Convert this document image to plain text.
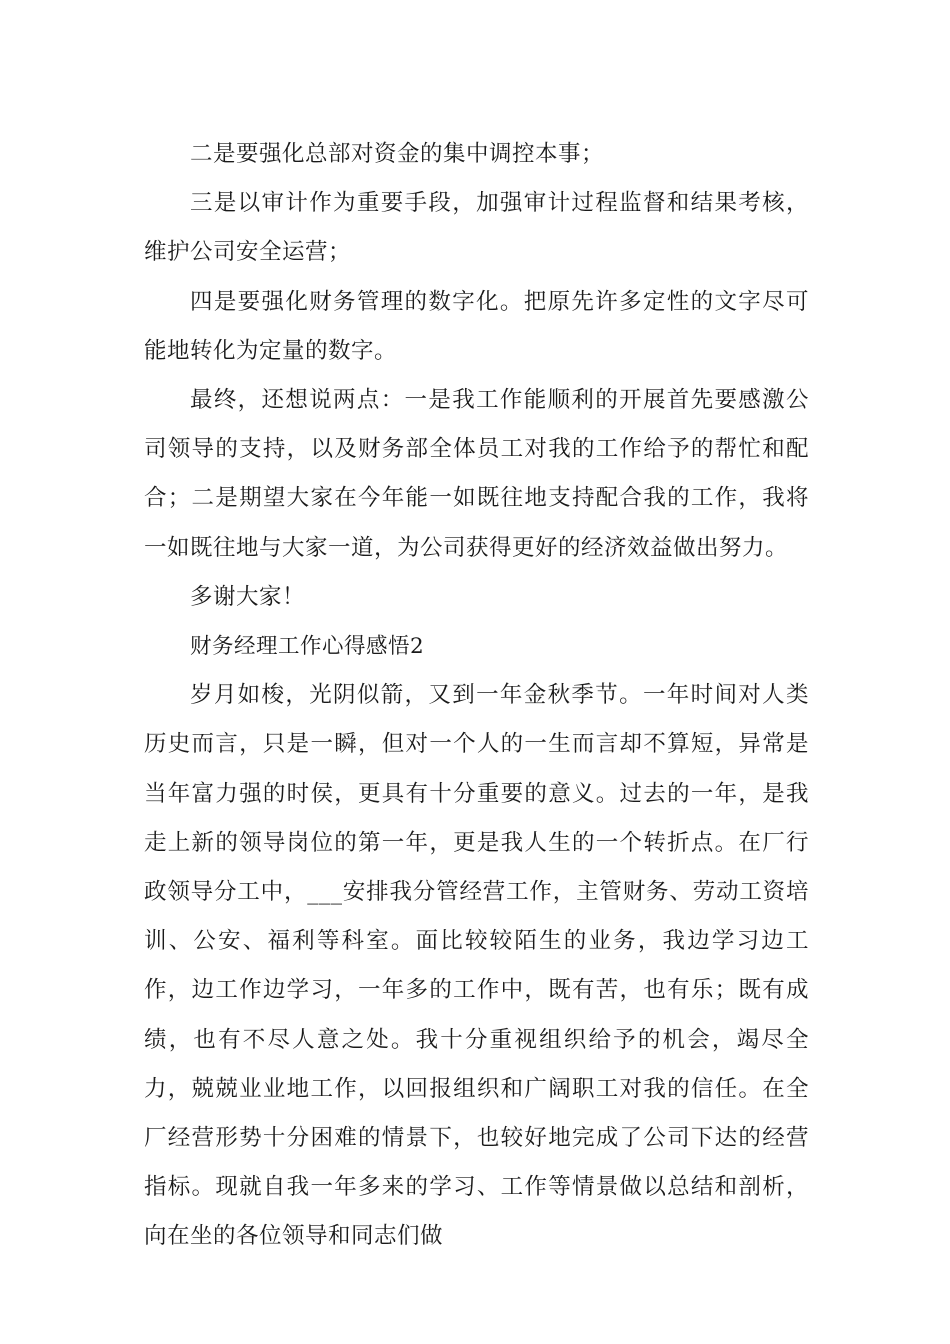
二是要强化总部对资金的集中调控本事；

三是以审计作为重要手段，加强审计过程监督和结果考核，维护公司安全运营；

四是要强化财务管理的数字化。把原先许多定性的文字尽可能地转化为定量的数字。

最终，还想说两点：一是我工作能顺利的开展首先要感激公司领导的支持，以及财务部全体员工对我的工作给予的帮忙和配合；二是期望大家在今年能一如既往地支持配合我的工作，我将一如既往地与大家一道，为公司获得更好的经济效益做出努力。

多谢大家！

财务经理工作心得感悟2

岁月如梭，光阴似箭，又到一年金秋季节。一年时间对人类历史而言，只是一瞬，但对一个人的一生而言却不算短，异常是当年富力强的时侯，更具有十分重要的意义。过去的一年，是我走上新的领导岗位的第一年，更是我人生的一个转折点。在厂行政领导分工中，___安排我分管经营工作，主管财务、劳动工资培训、公安、福利等科室。面比较较陌生的业务，我边学习边工作，边工作边学习，一年多的工作中，既有苦，也有乐；既有成绩，也有不尽人意之处。我十分重视组织给予的机会，竭尽全力，兢兢业业地工作，以回报组织和广阔职工对我的信任。在全厂经营形势十分困难的情景下，也较好地完成了公司下达的经营指标。现就自我一年多来的学习、工作等情景做以总结和剖析，向在坐的各位领导和同志们做
